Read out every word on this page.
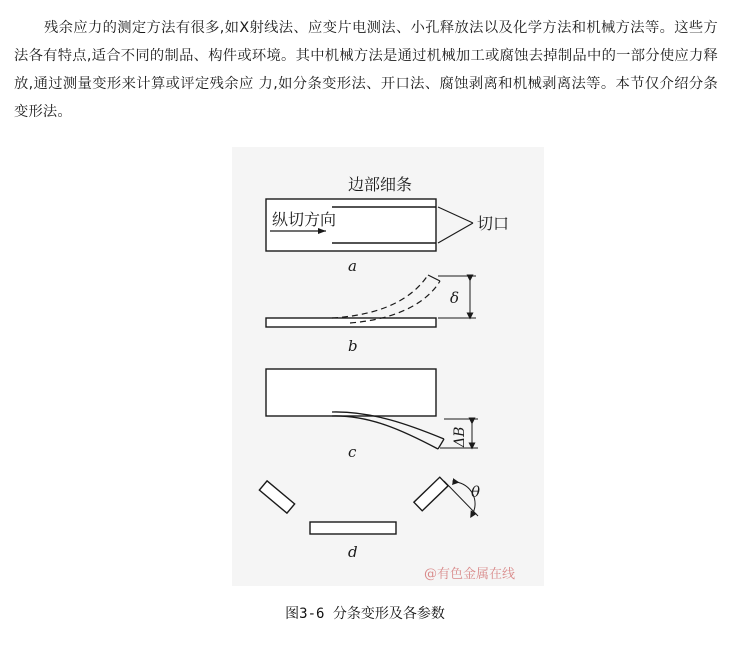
残余应力的测定方法有很多,如X射线法、应变片电测法、小孔释放法以及化学方法和机械方法等。这些方法各有特点,适合不同的制品、构件或环境。其中机械方法是通过机械加工或腐蚀去掉制品中的一部分使应力释放,通过测量变形来计算或评定残余应 力,如分条变形法、开口法、腐蚀剥离和机械剥离法等。本节仅介绍分条变形法。

边部细条
纵切方向	切口
a
δ
b
ΔB
c
θ
d
@有色金属在线
图3-6 分条变形及各参数
